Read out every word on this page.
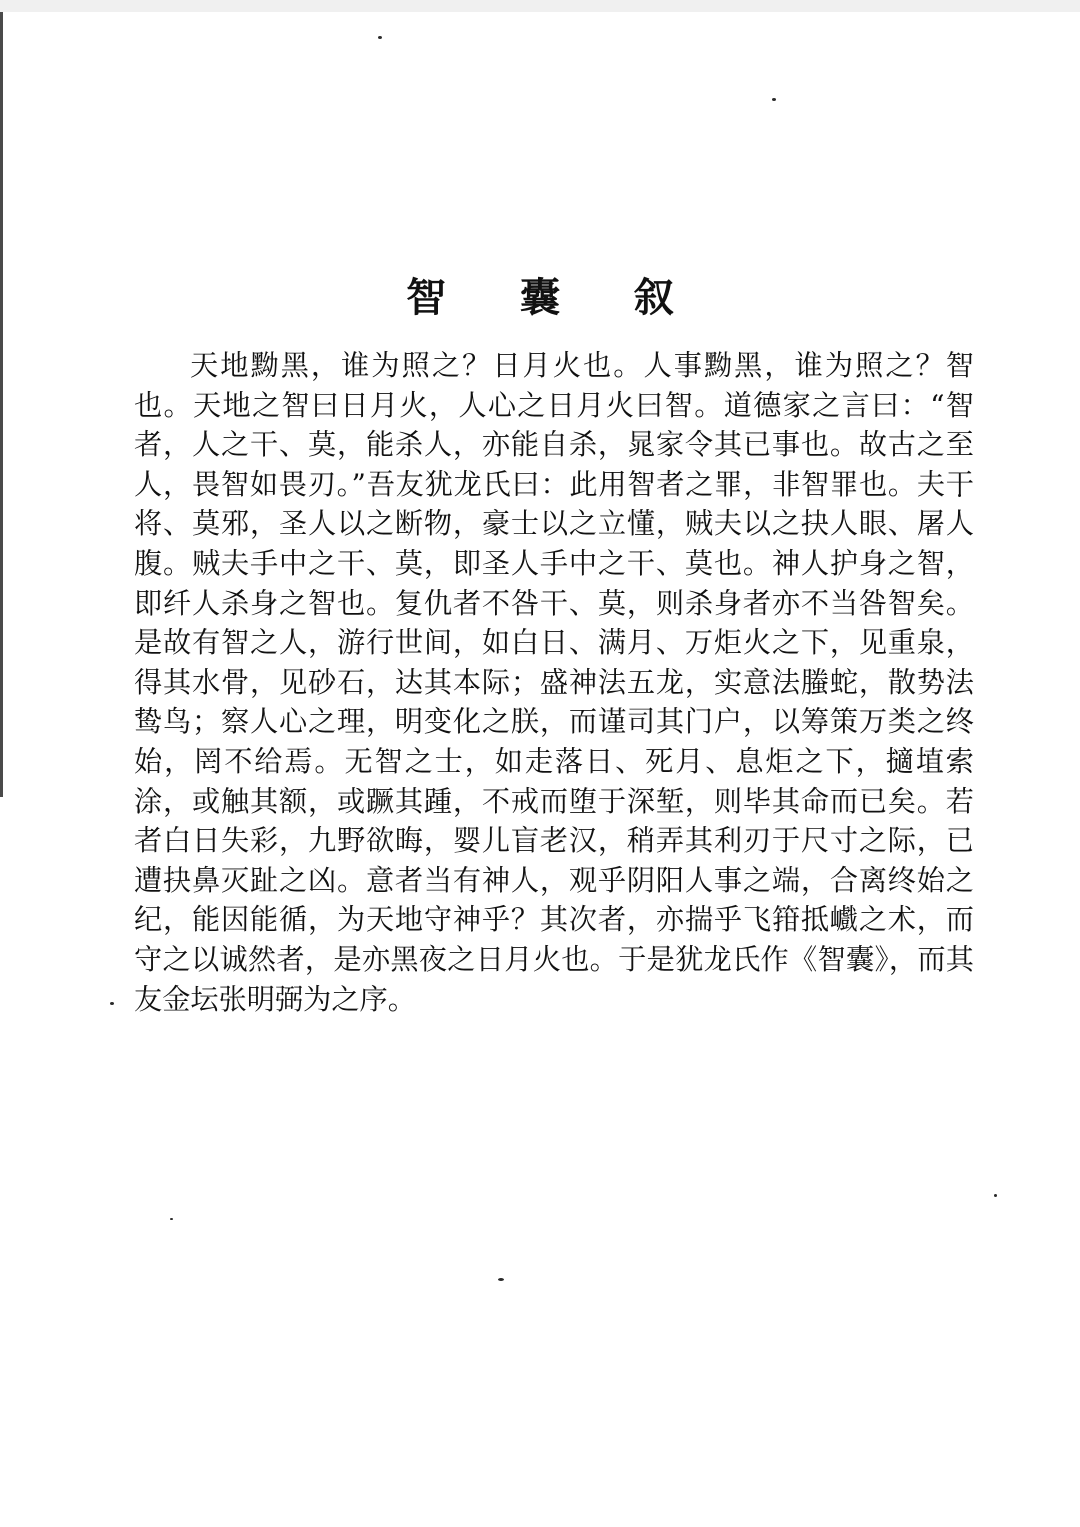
智 囊 叙

天地黝黑，谁为照之？日月火也。人事黝黑，谁为照之？智也。天地之智曰日月火，人心之日月火曰智。道德家之言曰：“智者，人之干、莫，能杀人，亦能自杀，晁家令其已事也。故古之至人，畏智如畏刃。”吾友犹龙氏曰：此用智者之罪，非智罪也。夫干将、莫邪，圣人以之断物，豪士以之立懂，贼夫以之抉人眼、屠人腹。贼夫手中之干、莫，即圣人手中之干、莫也。神人护身之智，即纤人杀身之智也。复仇者不咎干、莫，则杀身者亦不当咎智矣。是故有智之人，游行世间，如白日、满月、万炬火之下，见重泉，得其水骨，见砂石，达其本际；盛神法五龙，实意法螣蛇，散势法鸷鸟；察人心之理，明变化之朕，而谨司其门户，以筹策万类之终始，罔不给焉。无智之士，如走落日、死月、息炬之下，擿埴索涂，或触其额，或蹶其踵，不戒而堕于深堑，则毕其命而已矣。若者白日失彩，九野欲晦，婴儿盲老汉，稍弄其利刃于尺寸之际，已遭抉鼻灭趾之凶。意者当有神人，观乎阴阳人事之端，合离终始之纪，能因能循，为天地守神乎？其次者，亦揣乎飞箝抵巇之术，而守之以诚然者，是亦黑夜之日月火也。于是犹龙氏作《智囊》，而其友金坛张明弼为之序。
